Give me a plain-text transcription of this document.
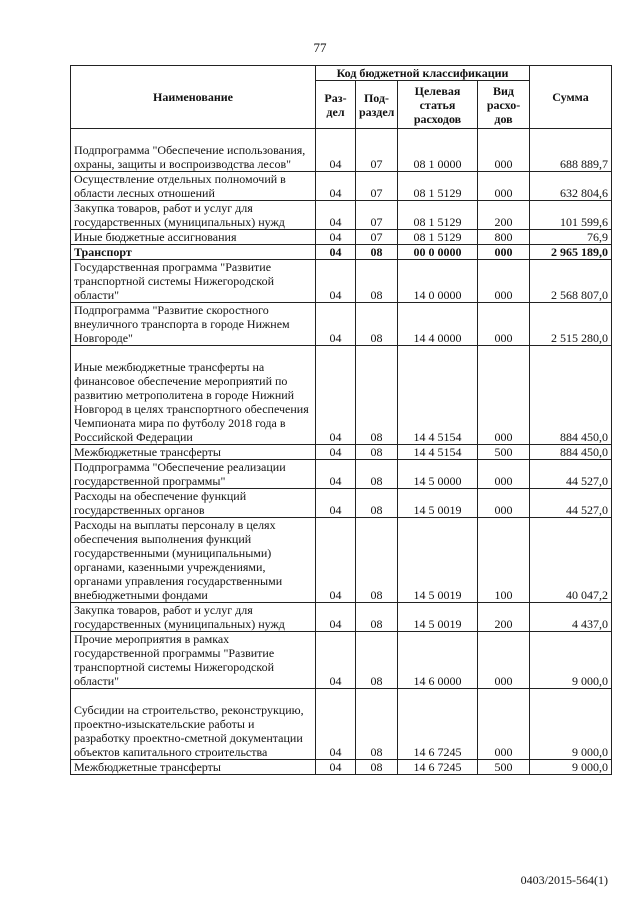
77
Наименование	Код бюджетной классификации				Сумма
	Раз-дел	Под-раздел	Целевая статья расходов	Вид расхо-дов	
Подпрограмма "Обеспечение использования, охраны, защиты и воспроизводства лесов"	04	07	08 1 0000	000	688 889,7
Осуществление отдельных полномочий в области лесных отношений	04	07	08 1 5129	000	632 804,6
Закупка товаров, работ и услуг для государственных (муниципальных) нужд	04	07	08 1 5129	200	101 599,6
Иные бюджетные ассигнования	04	07	08 1 5129	800	76,9
Транспорт	04	08	00 0 0000	000	2 965 189,0
Государственная программа "Развитие транспортной системы Нижегородской области"	04	08	14 0 0000	000	2 568 807,0
Подпрограмма "Развитие скоростного внеуличного транспорта в городе Нижнем Новгороде"	04	08	14 4 0000	000	2 515 280,0
Иные межбюджетные трансферты на финансовое обеспечение мероприятий по развитию метрополитена в городе Нижний Новгород в целях транспортного обеспечения Чемпионата мира по футболу 2018 года в Российской Федерации	04	08	14 4 5154	000	884 450,0
Межбюджетные трансферты	04	08	14 4 5154	500	884 450,0
Подпрограмма "Обеспечение реализации государственной программы"	04	08	14 5 0000	000	44 527,0
Расходы на обеспечение функций государственных органов	04	08	14 5 0019	000	44 527,0
Расходы на выплаты персоналу в целях обеспечения выполнения функций государственными (муниципальными) органами, казенными учреждениями, органами управления государственными внебюджетными фондами	04	08	14 5 0019	100	40 047,2
Закупка товаров, работ и услуг для государственных (муниципальных) нужд	04	08	14 5 0019	200	4 437,0
Прочие мероприятия в рамках государственной программы "Развитие транспортной системы Нижегородской области"	04	08	14 6 0000	000	9 000,0
Субсидии на строительство, реконструкцию, проектно-изыскательские работы и разработку проектно-сметной документации объектов капитального строительства	04	08	14 6 7245	000	9 000,0
Межбюджетные трансферты	04	08	14 6 7245	500	9 000,0
0403/2015-564(1)
